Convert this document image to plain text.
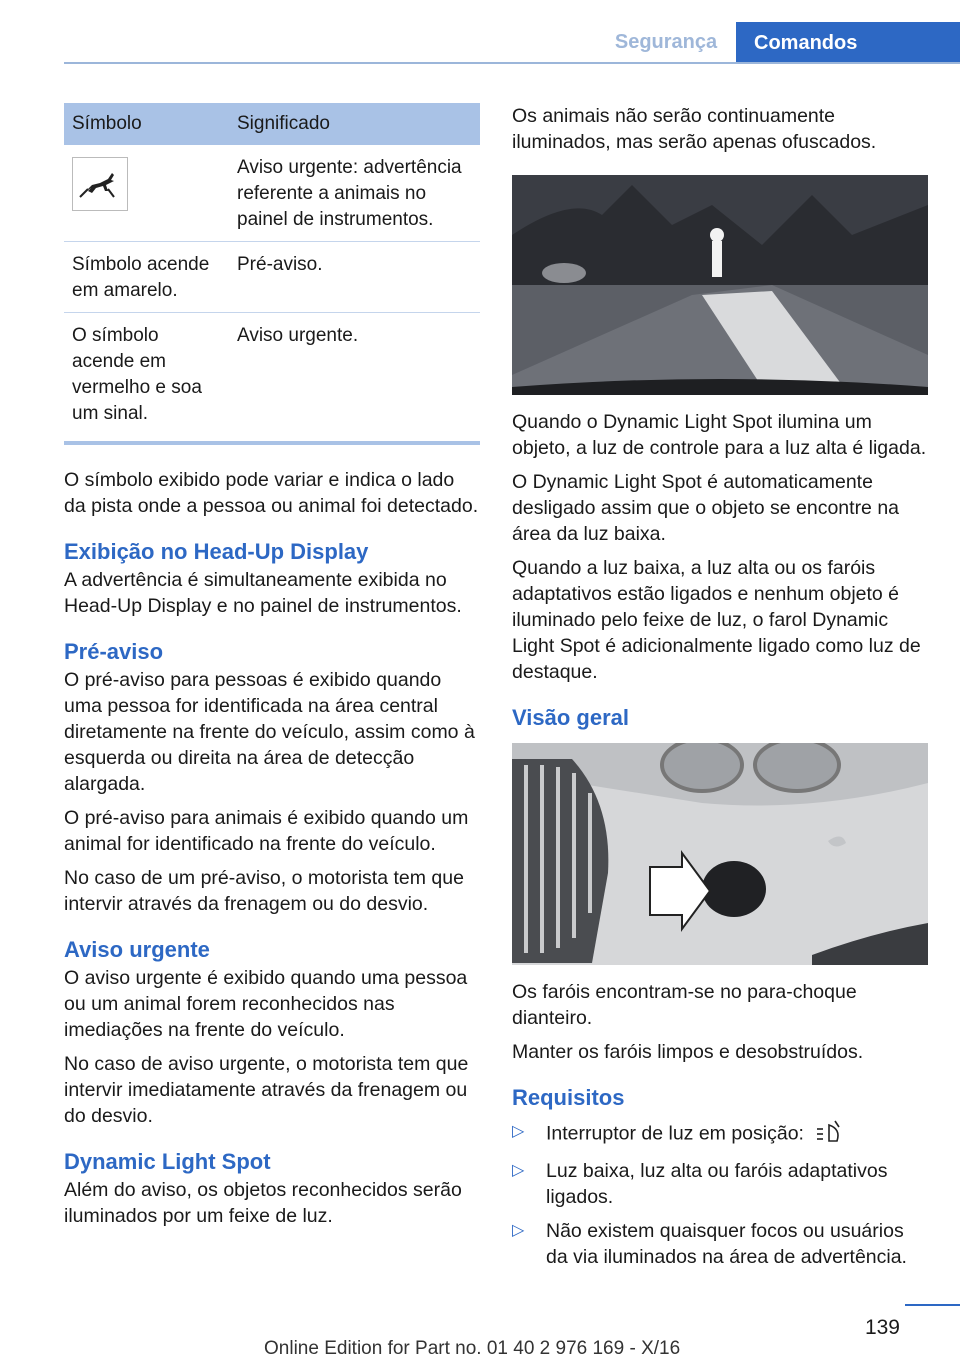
Segurança	Comandos
Símbolo	Significado

	Aviso urgente: advertência referente a animais no painel de instrumentos.
Símbolo acende em amarelo.	Pré-aviso.
O símbolo acende em vermelho e soa um sinal.	Aviso urgente.

O símbolo exibido pode variar e indica o lado da pista onde a pessoa ou animal foi detectado.

Exibição no Head-Up Display

A advertência é simultaneamente exibida no Head-Up Display e no painel de instrumentos.

Pré-aviso

O pré-aviso para pessoas é exibido quando uma pessoa for identificada na área central diretamente na frente do veículo, assim como à esquerda ou direita na área de detecção alargada.

O pré-aviso para animais é exibido quando um animal for identificado na frente do veículo.

No caso de um pré-aviso, o motorista tem que intervir através da frenagem ou do desvio.

Aviso urgente

O aviso urgente é exibido quando uma pessoa ou um animal forem reconhecidos nas imediações na frente do veículo.

No caso de aviso urgente, o motorista tem que intervir imediatamente através da frenagem ou do desvio.

Dynamic Light Spot

Além do aviso, os objetos reconhecidos serão iluminados por um feixe de luz.

Os animais não serão continuamente iluminados, mas serão apenas ofuscados.

Quando o Dynamic Light Spot ilumina um objeto, a luz de controle para a luz alta é ligada.

O Dynamic Light Spot é automaticamente desligado assim que o objeto se encontre na área da luz baixa.

Quando a luz baixa, a luz alta ou os faróis adaptativos estão ligados e nenhum objeto é iluminado pelo feixe de luz, o farol Dynamic Light Spot é adicionalmente ligado como luz de destaque.

Visão geral

Os faróis encontram-se no para-choque dianteiro.

Manter os faróis limpos e desobstruídos.

Requisitos
▷ Interruptor de luz em posição:
▷ Luz baixa, luz alta ou faróis adaptativos ligados.
▷ Não existem quaisquer focos ou usuários da via iluminados na área de advertência.
139
Online Edition for Part no. 01 40 2 976 169 - X/16
